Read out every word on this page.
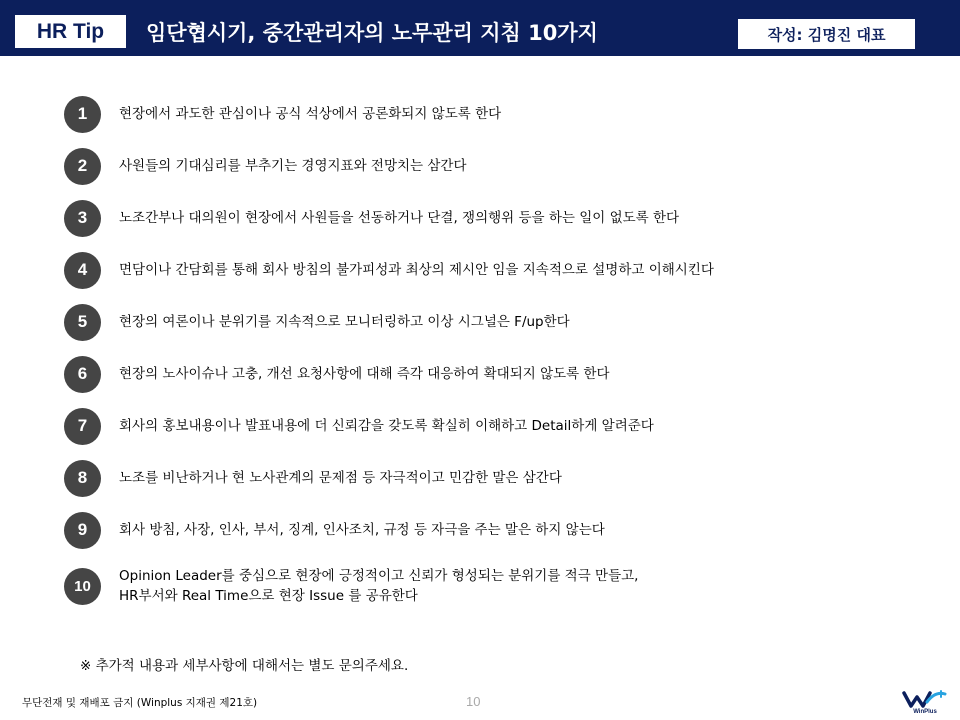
HR Tip	임단협시기, 중간관리자의 노무관리 지침 10가지	작성: 김명진 대표
1	현장에서 과도한 관심이나 공식 석상에서 공론화되지 않도록 한다
2	사원들의 기대심리를 부추기는 경영지표와 전망치는 삼간다
3	노조간부나 대의원이 현장에서 사원들을 선동하거나 단결, 쟁의행위 등을 하는 일이 없도록 한다
4	면담이나 간담회를 통해 회사 방침의 불가피성과 최상의 제시안 임을 지속적으로 설명하고 이해시킨다
5	현장의 여론이나 분위기를 지속적으로 모니터링하고 이상 시그널은 F/up한다
6	현장의 노사이슈나 고충, 개선 요청사항에 대해 즉각 대응하여 확대되지 않도록 한다
7	회사의 홍보내용이나 발표내용에 더 신뢰감을 갖도록 확실히 이해하고 Detail하게 알려준다
8	노조를 비난하거나 현 노사관계의 문제점 등 자극적이고 민감한 말은 삼간다
9	회사 방침, 사장, 인사, 부서, 징계, 인사조치, 규정 등 자극을 주는 말은 하지 않는다
10
Opinion Leader를 중심으로 현장에 긍정적이고 신뢰가 형성되는 분위기를 적극 만들고,
HR부서와 Real Time으로 현장 Issue 를 공유한다
※ 추가적 내용과 세부사항에 대해서는 별도 문의주세요.
무단전재 및 재배포 금지 (Winplus 지재권 제21호)	10
WinPlus
